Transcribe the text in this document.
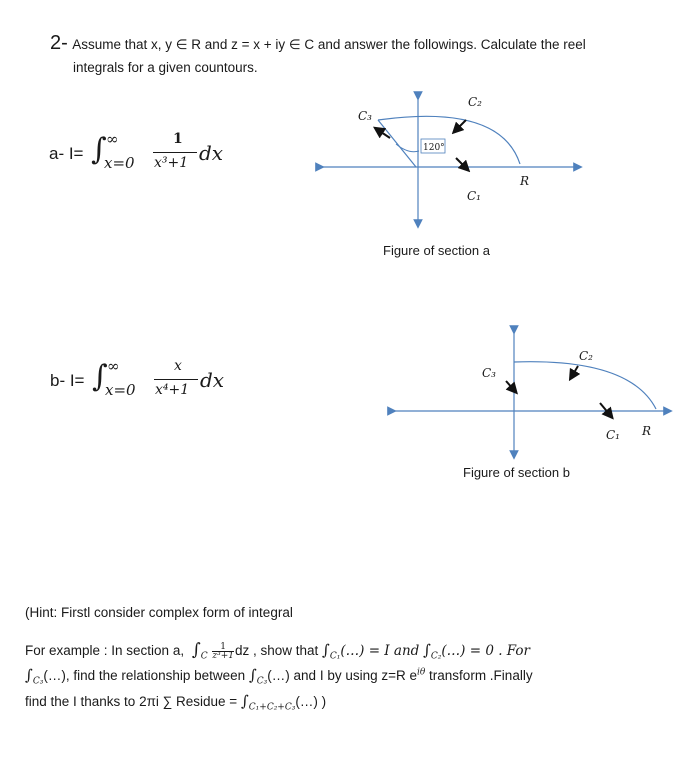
2- Assume that x, y ∈ R and z = x + iy ∈ C and answer the followings. Calculate the reel
integrals for a given countours.
a- I= ∫ ∞
x=0
1
x³+1 dx
b- I= ∫ ∞
x=0
x
x⁴+1 dx
120°
C₃
C₂
C₁
R
Figure of section a
C₃
C₂
C₁ R
Figure of section b
(Hint: Firstl consider complex form of integral
For example : In section a, $\int_C \frac{1}{\text{z³+1}}$ dz , show that $\int_{C_1}(\dots) = I$ and $\int_{C_2}(\dots) = 0$ . For
$\int_{C_3}(\dots)$, find the relationship between $\int_{C_3}(\dots)$ and I by using z=R $e^{i\theta}$ transform .Finally
find the I thanks to 2πi ∑ Residue = $\int_{C_1+C_2+C_3}(\dots)$ )
